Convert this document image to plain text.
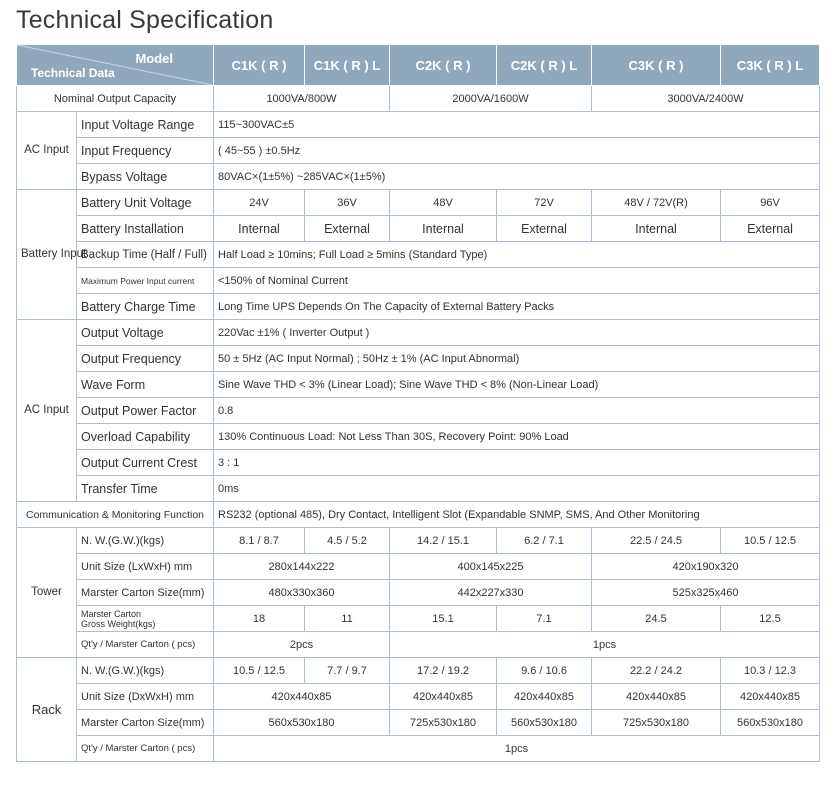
Technical Specification
Model
Technical Data		C1K ( R )	C1K ( R ) L	C2K ( R )	C2K ( R ) L	C3K ( R )	C3K ( R ) L
Nominal Output Capacity		1000VA/800W		2000VA/1600W		3000VA/2400W	
AC Input	Input Voltage Range	115~300VAC±5					
	Input Frequency	( 45~55 ) ±0.5Hz					
	Bypass Voltage	80VAC×(1±5%) ~285VAC×(1±5%)					
Battery Input	Battery Unit Voltage	24V	36V	48V	72V	48V / 72V(R)	96V
	Battery Installation	Internal	External	Internal	External	Internal	External
	Backup Time (Half / Full)	Half Load ≥ 10mins; Full Load ≥ 5mins (Standard Type)					
	Maximum Power Input current	<150% of Nominal Current					
	Battery Charge Time	Long Time UPS Depends On The Capacity of External Battery Packs					
AC Input	Output Voltage	220Vac ±1% ( Inverter Output )					
	Output Frequency	50 ± 5Hz (AC Input Normal) ; 50Hz ± 1% (AC Input Abnormal)					
	Wave Form	Sine Wave THD < 3% (Linear Load); Sine Wave THD < 8% (Non-Linear Load)					
	Output Power Factor	0.8					
	Overload Capability	130% Continuous Load: Not Less Than 30S, Recovery Point: 90% Load					
	Output Current Crest	3 : 1					
	Transfer Time	0ms					
Communication & Monitoring Function		RS232 (optional 485), Dry Contact, Intelligent Slot (Expandable SNMP, SMS, And Other Monitoring					
Tower	N. W.(G.W.)(kgs)	8.1 / 8.7	4.5 / 5.2	14.2 / 15.1	6.2 / 7.1	22.5 / 24.5	10.5 / 12.5
	Unit Size (LxWxH) mm	280x144x222		400x145x225		420x190x320	
	Marster Carton Size(mm)	480x330x360		442x227x330		525x325x460	
	Marster Carton
Gross Weight(kgs)	18	11	15.1	7.1	24.5	12.5
	Qt'y / Marster Carton ( pcs)	2pcs		1pcs			
Rack	N. W.(G.W.)(kgs)	10.5 / 12.5	7.7 / 9.7	17.2 / 19.2	9.6 / 10.6	22.2 / 24.2	10.3 / 12.3
	Unit Size (DxWxH) mm	420x440x85		420x440x85	420x440x85	420x440x85	420x440x85
	Marster Carton Size(mm)	560x530x180		725x530x180	560x530x180	725x530x180	560x530x180
	Qt'y / Marster Carton ( pcs)	1pcs					
